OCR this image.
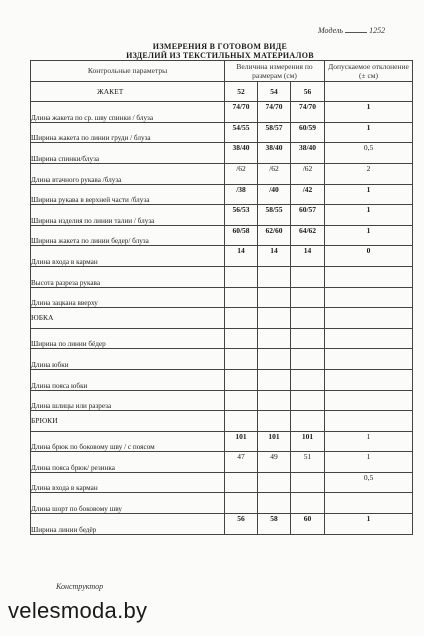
Модель	1252
ИЗМЕРЕНИЯ В ГОТОВОМ ВИДЕ
ИЗДЕЛИЙ ИЗ ТЕКСТИЛЬНЫХ МАТЕРИАЛОВ
Контрольные параметры	Величина измерения по размерам (см)			Допускаемое отклонение (± см)
ЖАКЕТ	52	54	56	
Длина жакета по ср. шву спинки / блуза	74/70	74/70	74/70	1
Ширина жакета по линии груди / блуза	54/55	58/57	60/59	1
Ширина спинки/блуза	38/40	38/40	38/40	0,5
Длина втачного рукава /блуза	/62	/62	/62	2
Ширина рукава в верхней части /блуза	/38	/40	/42	1
Ширина изделия по линии талии / блуза	56/53	58/55	60/57	1
Ширина жакета по линии бедер/ блуза	60/58	62/60	64/62	1
Длина входа в карман	14	14	14	0
Высота разреза рукава				
Длина зацкана вверху				
ЮБКА				
Ширина по линии бёдер				
Длина юбки				
Длина пояса юбки				
Длина шлицы или разреза				
БРЮКИ				
Длина брюк по боковому шву / с поясом	101	101	101	1
Длина пояса брюк/ резинка	47	49	51	1
Длина входа в карман				0,5
Длина шорт по боковому шву				
Ширина линии бедёр	56	58	60	1
Конструктор
velesmoda.by
